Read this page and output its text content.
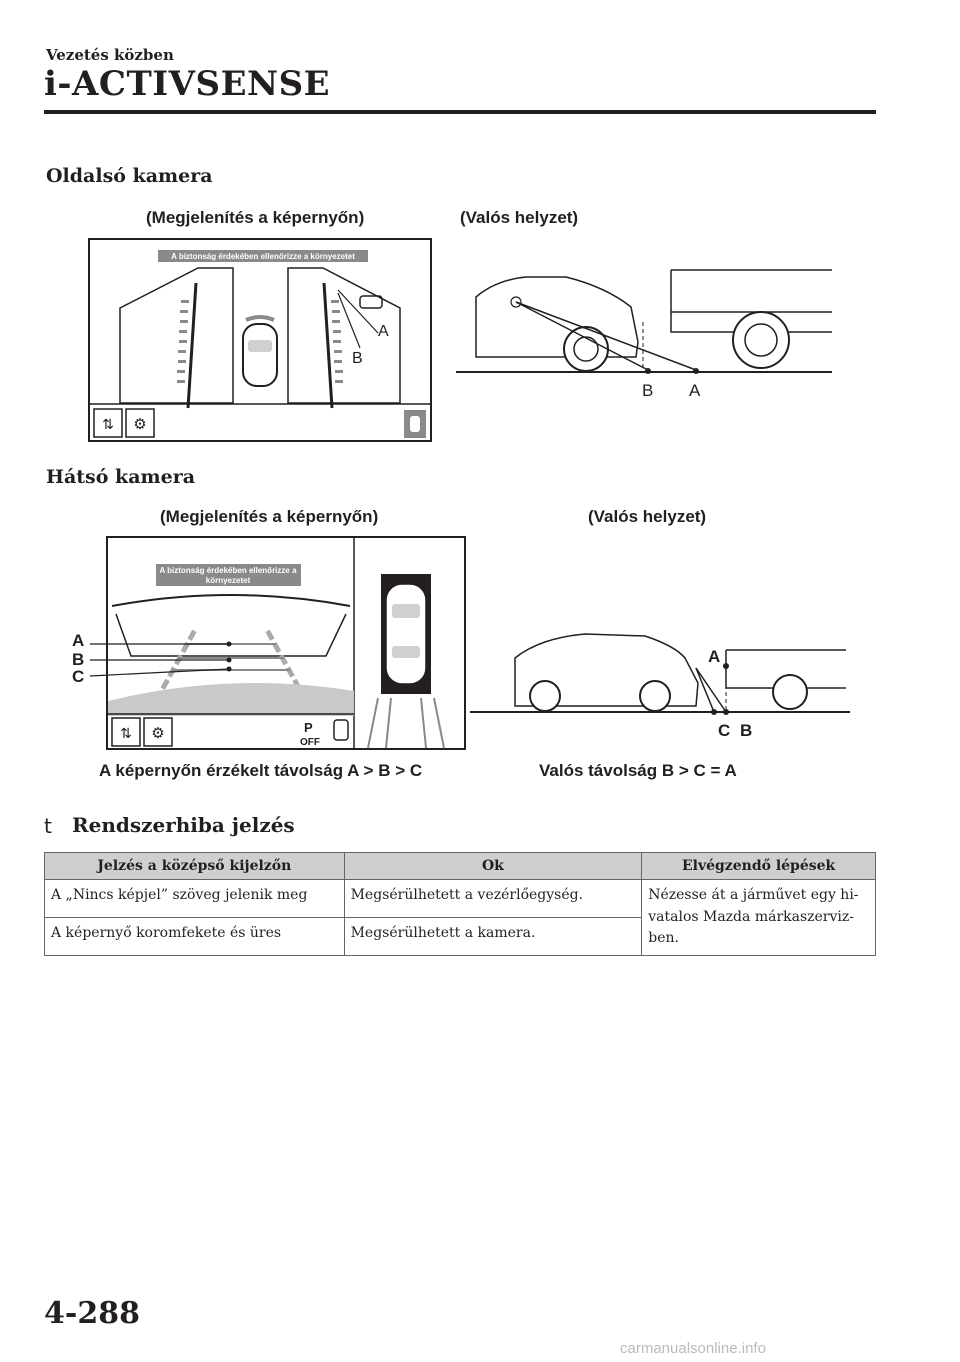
Vezetés közben
i-ACTIVSENSE
Oldalsó kamera
(Megjelenítés a képernyőn)	(Valós helyzet)
A biztonság érdekében ellenőrizze a környezetet
A
B
⇅ ⚙
B A
Hátsó kamera
(Megjelenítés a képernyőn)	(Valós helyzet)
A biztonság érdekében ellenőrizze a
környezetet
A
B
C
⇅ ⚙	P
OFF
A
C B
A képernyőn érzékelt távolság A > B > C	Valós távolság B > C = A
t Rendszerhiba jelzés
Jelzés a középső kijelzőn	Ok	Elvégzendő lépések
A „Nincs képjel” szöveg jelenik meg	Megsérülhetett a vezérlőegység.	Nézesse át a járművet egy hi-vatalos Mazda márkaszerviz-ben.
A képernyő koromfekete és üres	Megsérülhetett a kamera.	
4-288
carmanualsonline.info
